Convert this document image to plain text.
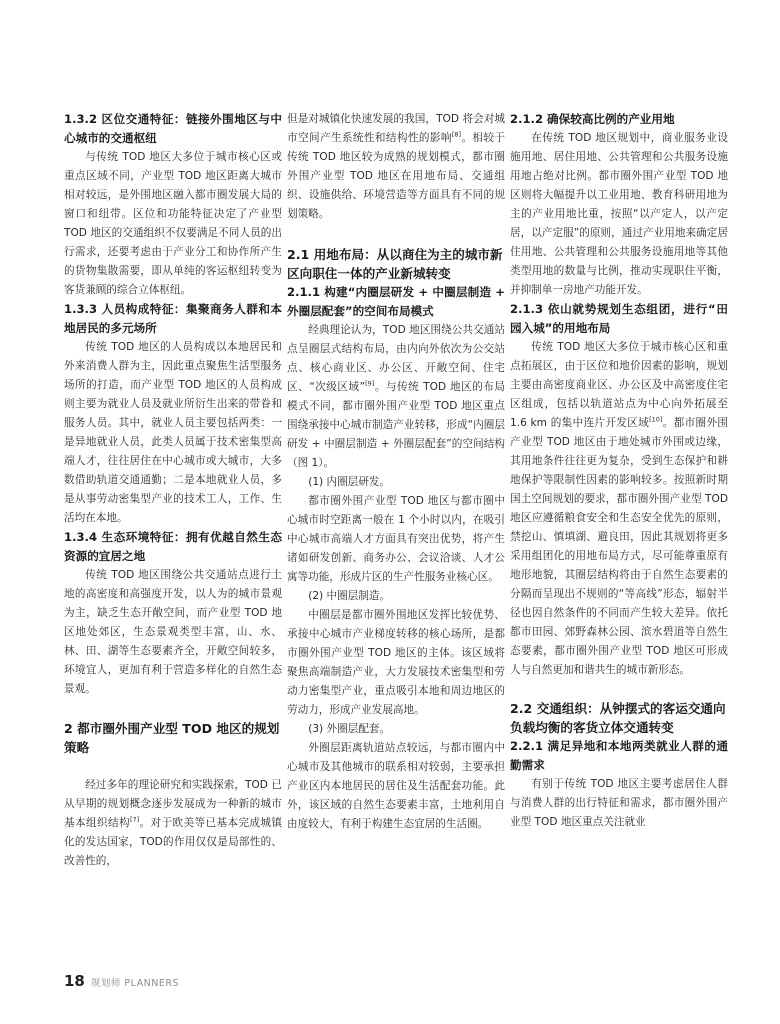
1.3.2 区位交通特征：链接外围地区与中心城市的交通枢纽

与传统 TOD 地区大多位于城市核心区或重点区域不同，产业型 TOD 地区距离大城市相对较远，是外围地区融入都市圈发展大局的窗口和纽带。区位和功能特征决定了产业型 TOD 地区的交通组织不仅要满足不同人员的出行需求，还要考虑由于产业分工和协作所产生的货物集散需要，即从单纯的客运枢纽转变为客货兼顾的综合立体枢纽。

1.3.3 人员构成特征：集聚商务人群和本地居民的多元场所

传统 TOD 地区的人员构成以本地居民和外来消费人群为主，因此重点聚焦生活型服务场所的打造，而产业型 TOD 地区的人员构成则主要为就业人员及就业所衍生出来的带眷和服务人员。其中，就业人员主要包括两类：一是异地就业人员，此类人员属于技术密集型高端人才，往往居住在中心城市或大城市，大多数借助轨道交通通勤；二是本地就业人员，多是从事劳动密集型产业的技术工人，工作、生活均在本地。

1.3.4 生态环境特征：拥有优越自然生态资源的宜居之地

传统 TOD 地区围绕公共交通站点进行土地的高密度和高强度开发，以人为的城市景观为主，缺乏生态开敞空间，而产业型 TOD 地区地处郊区，生态景观类型丰富，山、水、林、田、湖等生态要素齐全，开敞空间较多，环境宜人，更加有利于营造多样化的自然生态景观。

2 都市圈外围产业型 TOD 地区的规划策略

经过多年的理论研究和实践探索，TOD 已从早期的规划概念逐步发展成为一种新的城市基本组织结构[7]。对于欧美等已基本完成城镇化的发达国家，TOD的作用仅仅是局部性的、改善性的，

但是对城镇化快速发展的我国，TOD 将会对城市空间产生系统性和结构性的影响[8]。相较于传统 TOD 地区较为成熟的规划模式，都市圈外围产业型 TOD 地区在用地布局、交通组织、设施供给、环境营造等方面具有不同的规划策略。

2.1 用地布局：从以商住为主的城市新区向职住一体的产业新城转变
2.1.1 构建“内圈层研发 + 中圈层制造 + 外圈层配套”的空间布局模式

经典理论认为，TOD 地区围绕公共交通站点呈圈层式结构布局，由内向外依次为公交站点、核心商业区、办公区、开敞空间、住宅区、“次级区域”[9]。与传统 TOD 地区的布局模式不同，都市圈外围产业型 TOD 地区重点围绕承接中心城市制造产业转移，形成“内圈层研发 + 中圈层制造 + 外圈层配套”的空间结构（图 1）。

(1) 内圈层研发。

都市圈外围产业型 TOD 地区与都市圈中心城市时空距离一般在 1 个小时以内，在吸引中心城市高端人才方面具有突出优势，将产生诸如研发创新、商务办公、会议洽谈、人才公寓等功能，形成片区的生产性服务业核心区。

(2) 中圈层制造。

中圈层是都市圈外围地区发挥比较优势、承接中心城市产业梯度转移的核心场所，是都市圈外围产业型 TOD 地区的主体。该区域将聚焦高端制造产业，大力发展技术密集型和劳动力密集型产业，重点吸引本地和周边地区的劳动力，形成产业发展高地。

(3) 外圈层配套。

外圈层距离轨道站点较远，与都市圈内中心城市及其他城市的联系相对较弱，主要承担产业区内本地居民的居住及生活配套功能。此外，该区域的自然生态要素丰富，土地利用自由度较大，有利于构建生态宜居的生活圈。

2.1.2 确保较高比例的产业用地

在传统 TOD 地区规划中，商业服务业设施用地、居住用地、公共管理和公共服务设施用地占绝对比例。都市圈外围产业型 TOD 地区则将大幅提升以工业用地、教育科研用地为主的产业用地比重，按照“以产定人，以产定居，以产定服”的原则，通过产业用地来确定居住用地、公共管理和公共服务设施用地等其他类型用地的数量与比例，推动实现职住平衡，并抑制单一房地产功能开发。

2.1.3 依山就势规划生态组团，进行“田园入城”的用地布局

传统 TOD 地区大多位于城市核心区和重点拓展区，由于区位和地价因素的影响，规划主要由高密度商业区、办公区及中高密度住宅区组成，包括以轨道站点为中心向外拓展至 1.6 km 的集中连片开发区域[10]。都市圈外围产业型 TOD 地区由于地处城市外围或边缘，其用地条件往往更为复杂，受到生态保护和耕地保护等限制性因素的影响较多。按照新时期国土空间规划的要求，都市圈外围产业型 TOD 地区应遵循粮食安全和生态安全优先的原则，禁挖山、慎填湖、避良田，因此其规划将更多采用组团化的用地布局方式，尽可能尊重原有地形地貌，其圈层结构将由于自然生态要素的分隔而呈现出不规则的“等高线”形态，辐射半径也因自然条件的不同而产生较大差异。依托都市田园、郊野森林公园、滨水碧道等自然生态要素，都市圈外围产业型 TOD 地区可形成人与自然更加和谐共生的城市新形态。

2.2 交通组织：从钟摆式的客运交通向负载均衡的客货立体交通转变
2.2.1 满足异地和本地两类就业人群的通勤需求

有别于传统 TOD 地区主要考虑居住人群与消费人群的出行特征和需求，都市圈外围产业型 TOD 地区重点关注就业

18 规划师 PLANNERS
